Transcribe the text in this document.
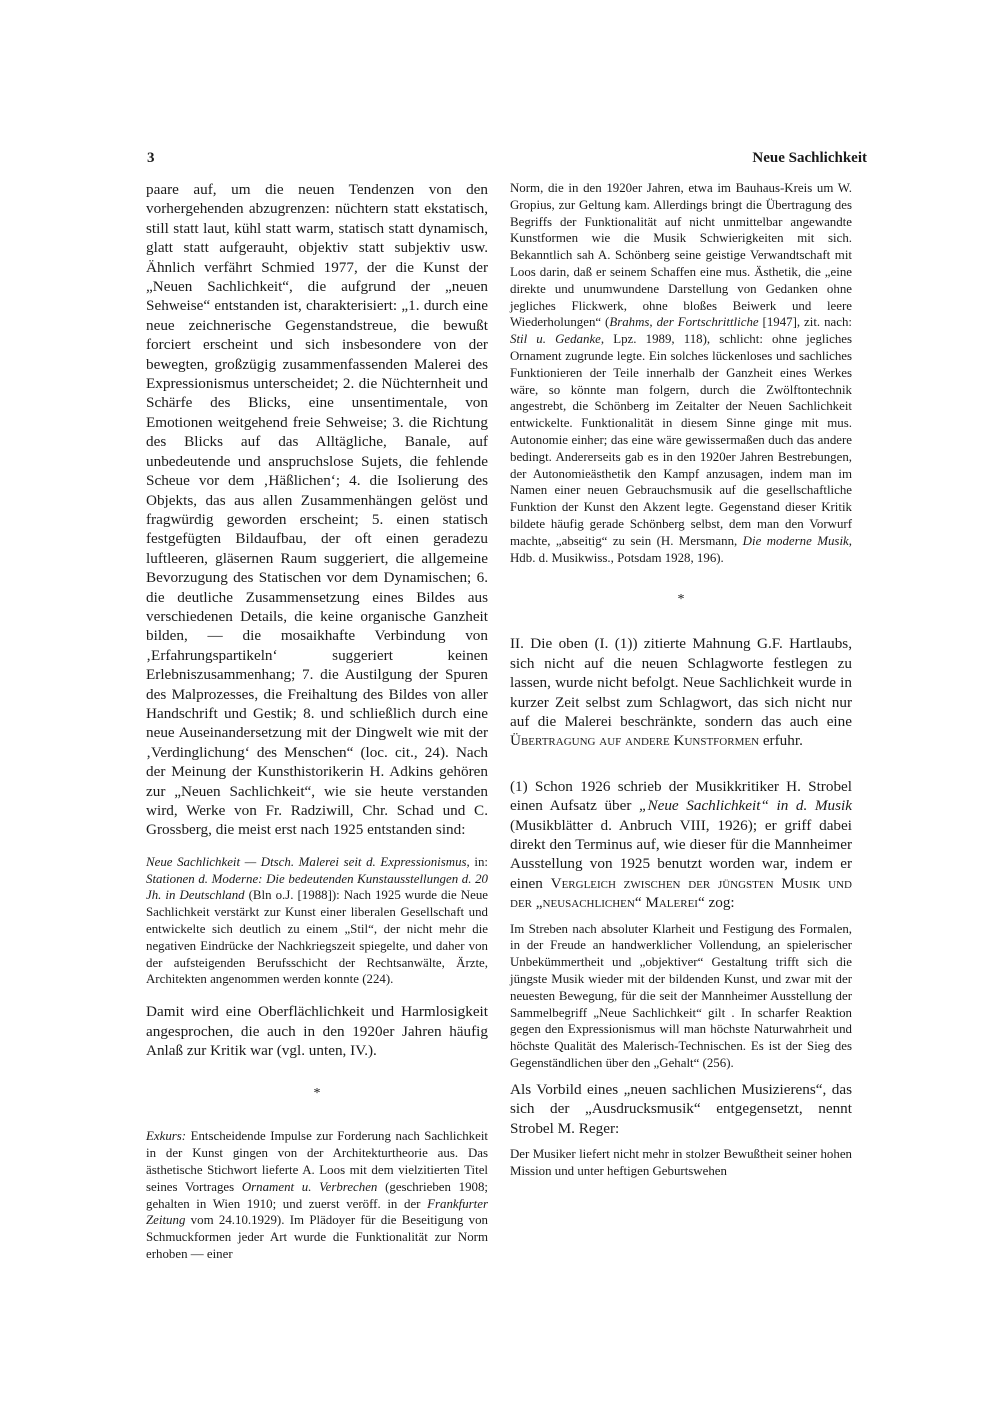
3	Neue Sachlichkeit

paare auf, um die neuen Tendenzen von den vorhergehenden abzugrenzen: nüchtern statt ekstatisch, still statt laut, kühl statt warm, statisch statt dynamisch, glatt statt aufgerauht, objektiv statt subjektiv usw. Ähnlich verfährt Schmied 1977, der die Kunst der „Neuen Sachlichkeit“, die aufgrund der „neuen Sehweise“ entstanden ist, charakterisiert: „1. durch eine neue zeichnerische Gegenstandstreue, die bewußt forciert erscheint und sich insbesondere von der bewegten, großzügig zusammenfassenden Malerei des Expressionismus unterscheidet; 2. die Nüchternheit und Schärfe des Blicks, eine unsentimentale, von Emotionen weitgehend freie Sehweise; 3. die Richtung des Blicks auf das Alltägliche, Banale, auf unbedeutende und anspruchslose Sujets, die fehlende Scheue vor dem ‚Häßlichen‘; 4. die Isolierung des Objekts, das aus allen Zusammenhängen gelöst und fragwürdig geworden erscheint; 5. einen statisch festgefügten Bildaufbau, der oft einen geradezu luftleeren, gläsernen Raum suggeriert, die allgemeine Bevorzugung des Statischen vor dem Dynamischen; 6. die deutliche Zusammensetzung eines Bildes aus verschiedenen Details, die keine organische Ganzheit bilden, — die mosaikhafte Verbindung von ‚Erfahrungspartikeln‘ suggeriert keinen Erlebniszusammenhang; 7. die Austilgung der Spuren des Malprozesses, die Freihaltung des Bildes von aller Handschrift und Gestik; 8. und schließlich durch eine neue Auseinandersetzung mit der Dingwelt wie mit der ‚Verdinglichung‘ des Menschen“ (loc. cit., 24). Nach der Meinung der Kunsthistorikerin H. Adkins gehören zur „Neuen Sachlichkeit“, wie sie heute verstanden wird, Werke von Fr. Radziwill, Chr. Schad und C. Grossberg, die meist erst nach 1925 entstanden sind:

Neue Sachlichkeit — Dtsch. Malerei seit d. Expressionismus, in: Stationen d. Moderne: Die bedeutenden Kunstausstellungen d. 20 Jh. in Deutschland (Bln o.J. [1988]): Nach 1925 wurde die Neue Sachlichkeit verstärkt zur Kunst einer liberalen Gesellschaft und entwickelte sich deutlich zu einem „Stil“, der nicht mehr die negativen Eindrücke der Nachkriegszeit spiegelte, und daher von der aufsteigenden Berufsschicht der Rechtsanwälte, Ärzte, Architekten angenommen werden konnte (224).

Damit wird eine Oberflächlichkeit und Harmlosigkeit angesprochen, die auch in den 1920er Jahren häufig Anlaß zur Kritik war (vgl. unten, IV.).

*

Exkurs: Entscheidende Impulse zur Forderung nach Sachlichkeit in der Kunst gingen von der Architekturtheorie aus. Das ästhetische Stichwort lieferte A. Loos mit dem vielzitierten Titel seines Vortrages Ornament u. Verbrechen (geschrieben 1908; gehalten in Wien 1910; und zuerst veröff. in der Frankfurter Zeitung vom 24.10.1929). Im Plädoyer für die Beseitigung von Schmuckformen jeder Art wurde die Funktionalität zur Norm erhoben — einer

Norm, die in den 1920er Jahren, etwa im Bauhaus-Kreis um W. Gropius, zur Geltung kam. Allerdings bringt die Übertragung des Begriffs der Funktionalität auf nicht unmittelbar angewandte Kunstformen wie die Musik Schwierigkeiten mit sich. Bekanntlich sah A. Schönberg seine geistige Verwandtschaft mit Loos darin, daß er seinem Schaffen eine mus. Ästhetik, die „eine direkte und unumwundene Darstellung von Gedanken ohne jegliches Flickwerk, ohne bloßes Beiwerk und leere Wiederholungen“ (Brahms, der Fortschrittliche [1947], zit. nach: Stil u. Gedanke, Lpz. 1989, 118), schlicht: ohne jegliches Ornament zugrunde legte. Ein solches lückenloses und sachliches Funktionieren der Teile innerhalb der Ganzheit eines Werkes wäre, so könnte man folgern, durch die Zwölftontechnik angestrebt, die Schönberg im Zeitalter der Neuen Sachlichkeit entwickelte. Funktionalität in diesem Sinne ginge mit mus. Autonomie einher; das eine wäre gewissermaßen duch das andere bedingt. Andererseits gab es in den 1920er Jahren Bestrebungen, der Autonomieästhetik den Kampf anzusagen, indem man im Namen einer neuen Gebrauchsmusik auf die gesellschaftliche Funktion der Kunst den Akzent legte. Gegenstand dieser Kritik bildete häufig gerade Schönberg selbst, dem man den Vorwurf machte, „abseitig“ zu sein (H. Mersmann, Die moderne Musik, Hdb. d. Musikwiss., Potsdam 1928, 196).

*

II. Die oben (I. (1)) zitierte Mahnung G.F. Hartlaubs, sich nicht auf die neuen Schlagworte festlegen zu lassen, wurde nicht befolgt. Neue Sachlichkeit wurde in kurzer Zeit selbst zum Schlagwort, das sich nicht nur auf die Malerei beschränkte, sondern das auch eine Übertragung auf andere Kunstformen erfuhr.

(1) Schon 1926 schrieb der Musikkritiker H. Strobel einen Aufsatz über „Neue Sachlichkeit“ in d. Musik (Musikblätter d. Anbruch VIII, 1926); er griff dabei direkt den Terminus auf, wie dieser für die Mannheimer Ausstellung von 1925 benutzt worden war, indem er einen Vergleich zwischen der jüngsten Musik und der „neusachlichen“ Malerei“ zog:

Im Streben nach absoluter Klarheit und Festigung des Formalen, in der Freude an handwerklicher Vollendung, an spielerischer Unbekümmertheit und „objektiver“ Gestaltung trifft sich die jüngste Musik wieder mit der bildenden Kunst, und zwar mit der neuesten Bewegung, für die seit der Mannheimer Ausstellung der Sammelbegriff „Neue Sachlichkeit“ gilt . In scharfer Reaktion gegen den Expressionismus will man höchste Naturwahrheit und höchste Qualität des Malerisch-Technischen. Es ist der Sieg des Gegenständlichen über den „Gehalt“ (256).

Als Vorbild eines „neuen sachlichen Musizierens“, das sich der „Ausdrucksmusik“ entgegensetzt, nennt Strobel M. Reger:

Der Musiker liefert nicht mehr in stolzer Bewußtheit seiner hohen Mission und unter heftigen Geburtswehen
